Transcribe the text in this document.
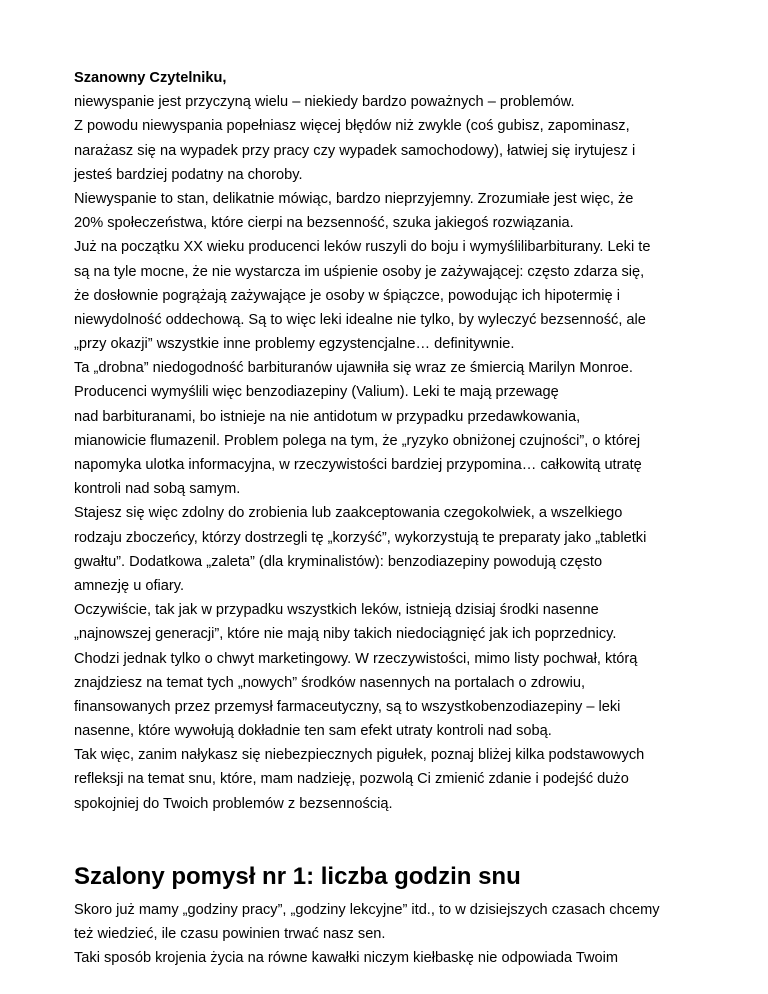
Szanowny Czytelniku,
niewyspanie jest przyczyną wielu – niekiedy bardzo poważnych – problemów.
Z powodu niewyspania popełniasz więcej błędów niż zwykle (coś gubisz, zapominasz,
narażasz się na wypadek przy pracy czy wypadek samochodowy), łatwiej się irytujesz i
jesteś bardziej podatny na choroby.
Niewyspanie to stan, delikatnie mówiąc, bardzo nieprzyjemny. Zrozumiałe jest więc, że
20% społeczeństwa, które cierpi na bezsenność, szuka jakiegoś rozwiązania.
Już na początku XX wieku producenci leków ruszyli do boju i wymyślilibarbiturany. Leki te
są na tyle mocne, że nie wystarcza im uśpienie osoby je zażywającej: często zdarza się,
że dosłownie pogrążają zażywające je osoby w śpiączce, powodując ich hipotermię i
niewydolność oddechową. Są to więc leki idealne nie tylko, by wyleczyć bezsenność, ale
„przy okazji” wszystkie inne problemy egzystencjalne… definitywnie.
Ta „drobna” niedogodność barbituranów ujawniła się wraz ze śmiercią Marilyn Monroe.
Producenci wymyślili więc benzodiazepiny (Valium). Leki te mają przewagę
nad barbituranami, bo istnieje na nie antidotum w przypadku przedawkowania,
mianowicie flumazenil. Problem polega na tym, że „ryzyko obniżonej czujności”, o której
napomyka ulotka informacyjna, w rzeczywistości bardziej przypomina… całkowitą utratę
kontroli nad sobą samym.
Stajesz się więc zdolny do zrobienia lub zaakceptowania czegokolwiek, a wszelkiego
rodzaju zboczeńcy, którzy dostrzegli tę „korzyść”, wykorzystują te preparaty jako „tabletki
gwałtu”. Dodatkowa „zaleta” (dla kryminalistów): benzodiazepiny powodują często
amnezję u ofiary.
Oczywiście, tak jak w przypadku wszystkich leków, istnieją dzisiaj środki nasenne
„najnowszej generacji”, które nie mają niby takich niedociągnięć jak ich poprzednicy.
Chodzi jednak tylko o chwyt marketingowy. W rzeczywistości, mimo listy pochwał, którą
znajdziesz na temat tych „nowych” środków nasennych na portalach o zdrowiu,
finansowanych przez przemysł farmaceutyczny, są to wszystkobenzodiazepiny – leki
nasenne, które wywołują dokładnie ten sam efekt utraty kontroli nad sobą.
Tak więc, zanim nałykasz się niebezpiecznych pigułek, poznaj bliżej kilka podstawowych
refleksji na temat snu, które, mam nadzieję, pozwolą Ci zmienić zdanie i podejść dużo
spokojniej do Twoich problemów z bezsennością.
Szalony pomysł nr 1: liczba godzin snu
Skoro już mamy „godziny pracy”, „godziny lekcyjne” itd., to w dzisiejszych czasach chcemy
też wiedzieć, ile czasu powinien trwać nasz sen.
Taki sposób krojenia życia na równe kawałki niczym kiełbaskę nie odpowiada Twoim
